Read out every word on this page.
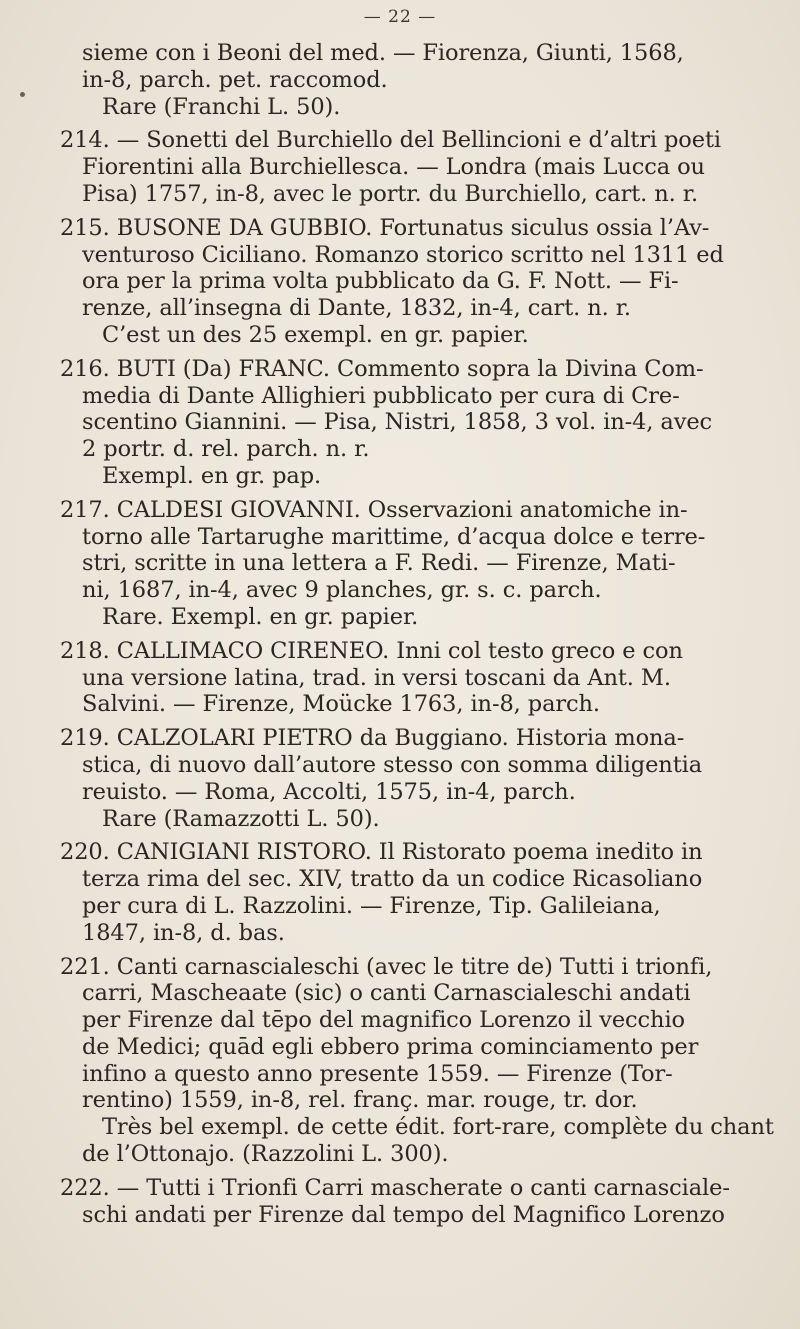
— 22 —
sieme con i Beoni del med. — Fiorenza, Giunti, 1568,
in-8, parch. pet. raccomod.
Rare (Franchi L. 50).
214. — Sonetti del Burchiello del Bellincioni e d’altri poeti
Fiorentini alla Burchiellesca. — Londra (mais Lucca ou
Pisa) 1757, in-8, avec le portr. du Burchiello, cart. n. r.
215. BUSONE DA GUBBIO. Fortunatus siculus ossia l’Av-
venturoso Ciciliano. Romanzo storico scritto nel 1311 ed
ora per la prima volta pubblicato da G. F. Nott. — Fi-
renze, all’insegna di Dante, 1832, in-4, cart. n. r.
C’est un des 25 exempl. en gr. papier.
216. BUTI (Da) FRANC. Commento sopra la Divina Com-
media di Dante Allighieri pubblicato per cura di Cre-
scentino Giannini. — Pisa, Nistri, 1858, 3 vol. in-4, avec
2 portr. d. rel. parch. n. r.
Exempl. en gr. pap.
217. CALDESI GIOVANNI. Osservazioni anatomiche in-
torno alle Tartarughe marittime, d’acqua dolce e terre-
stri, scritte in una lettera a F. Redi. — Firenze, Mati-
ni, 1687, in-4, avec 9 planches, gr. s. c. parch.
Rare. Exempl. en gr. papier.
218. CALLIMACO CIRENEO. Inni col testo greco e con
una versione latina, trad. in versi toscani da Ant. M.
Salvini. — Firenze, Moücke 1763, in-8, parch.
219. CALZOLARI PIETRO da Buggiano. Historia mona-
stica, di nuovo dall’autore stesso con somma diligentia
reuisto. — Roma, Accolti, 1575, in-4, parch.
Rare (Ramazzotti L. 50).
220. CANIGIANI RISTORO. Il Ristorato poema inedito in
terza rima del sec. XIV, tratto da un codice Ricasoliano
per cura di L. Razzolini. — Firenze, Tip. Galileiana,
1847, in-8, d. bas.
221. Canti carnascialeschi (avec le titre de) Tutti i trionfi,
carri, Mascheaate (sic) o canti Carnascialeschi andati
per Firenze dal tēpo del magnifico Lorenzo il vecchio
de Medici; quād egli ebbero prima cominciamento per
infino a questo anno presente 1559. — Firenze (Tor-
rentino) 1559, in-8, rel. franç. mar. rouge, tr. dor.
Très bel exempl. de cette édit. fort-rare, complète du chant
de l’Ottonajo. (Razzolini L. 300).
222. — Tutti i Trionfi Carri mascherate o canti carnasciale-
schi andati per Firenze dal tempo del Magnifico Lorenzo
